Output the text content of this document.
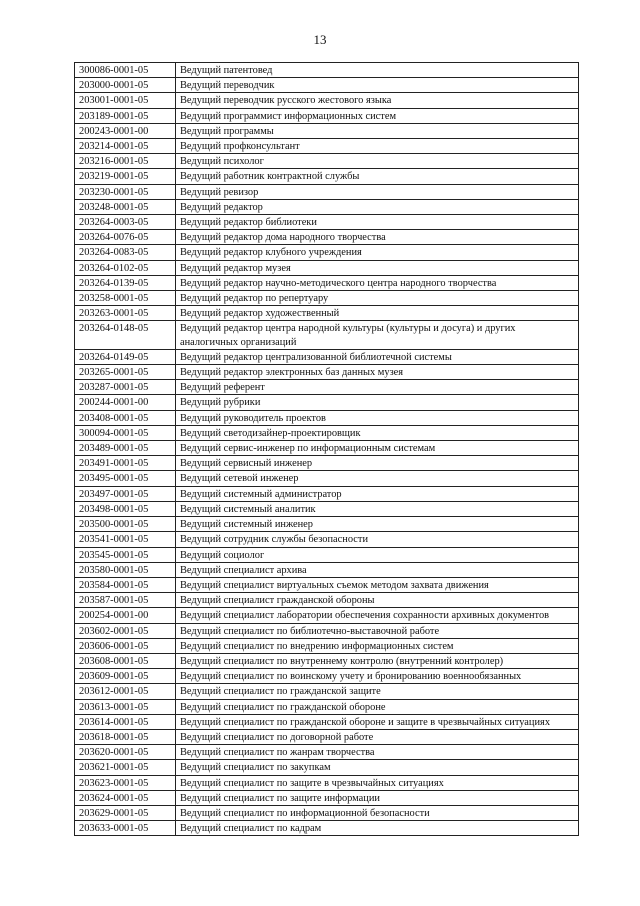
13
300086-0001-05	Ведущий патентовед
203000-0001-05	Ведущий переводчик
203001-0001-05	Ведущий переводчик русского жестового языка
203189-0001-05	Ведущий программист информационных систем
200243-0001-00	Ведущий программы
203214-0001-05	Ведущий профконсультант
203216-0001-05	Ведущий психолог
203219-0001-05	Ведущий работник контрактной службы
203230-0001-05	Ведущий ревизор
203248-0001-05	Ведущий редактор
203264-0003-05	Ведущий редактор библиотеки
203264-0076-05	Ведущий редактор дома народного творчества
203264-0083-05	Ведущий редактор клубного учреждения
203264-0102-05	Ведущий редактор музея
203264-0139-05	Ведущий редактор научно-методического центра народного творчества
203258-0001-05	Ведущий редактор по репертуару
203263-0001-05	Ведущий редактор художественный
203264-0148-05	Ведущий редактор центра народной культуры (культуры и досуга) и других аналогичных организаций
203264-0149-05	Ведущий редактор централизованной библиотечной системы
203265-0001-05	Ведущий редактор электронных баз данных музея
203287-0001-05	Ведущий референт
200244-0001-00	Ведущий рубрики
203408-0001-05	Ведущий руководитель проектов
300094-0001-05	Ведущий светодизайнер-проектировщик
203489-0001-05	Ведущий сервис-инженер по информационным системам
203491-0001-05	Ведущий сервисный инженер
203495-0001-05	Ведущий сетевой инженер
203497-0001-05	Ведущий системный администратор
203498-0001-05	Ведущий системный аналитик
203500-0001-05	Ведущий системный инженер
203541-0001-05	Ведущий сотрудник службы безопасности
203545-0001-05	Ведущий социолог
203580-0001-05	Ведущий специалист архива
203584-0001-05	Ведущий специалист виртуальных съемок методом захвата движения
203587-0001-05	Ведущий специалист гражданской обороны
200254-0001-00	Ведущий специалист лаборатории обеспечения сохранности архивных документов
203602-0001-05	Ведущий специалист по библиотечно-выставочной работе
203606-0001-05	Ведущий специалист по внедрению информационных систем
203608-0001-05	Ведущий специалист по внутреннему контролю (внутренний контролер)
203609-0001-05	Ведущий специалист по воинскому учету и бронированию военнообязанных
203612-0001-05	Ведущий специалист по гражданской защите
203613-0001-05	Ведущий специалист по гражданской обороне
203614-0001-05	Ведущий специалист по гражданской обороне и защите в чрезвычайных ситуациях
203618-0001-05	Ведущий специалист по договорной работе
203620-0001-05	Ведущий специалист по жанрам творчества
203621-0001-05	Ведущий специалист по закупкам
203623-0001-05	Ведущий специалист по защите в чрезвычайных ситуациях
203624-0001-05	Ведущий специалист по защите информации
203629-0001-05	Ведущий специалист по информационной безопасности
203633-0001-05	Ведущий специалист по кадрам
